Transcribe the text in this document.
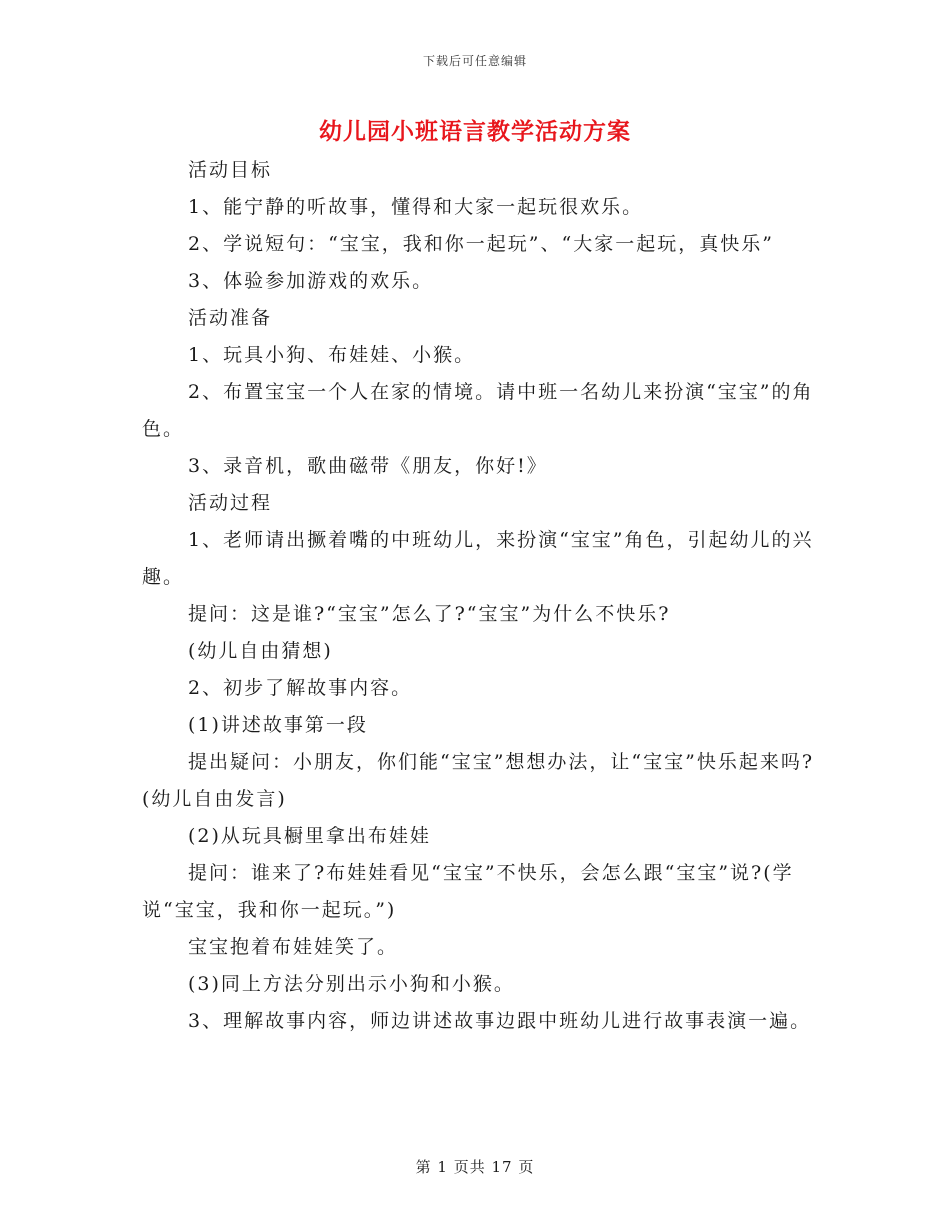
下载后可任意编辑
幼儿园小班语言教学活动方案

活动目标

1、能宁静的听故事，懂得和大家一起玩很欢乐。

2、学说短句：“宝宝，我和你一起玩”、“大家一起玩，真快乐”

3、体验参加游戏的欢乐。

活动准备

1、玩具小狗、布娃娃、小猴。

2、布置宝宝一个人在家的情境。请中班一名幼儿来扮演“宝宝”的角色。

3、录音机，歌曲磁带《朋友，你好!》

活动过程

1、老师请出撅着嘴的中班幼儿，来扮演“宝宝”角色，引起幼儿的兴趣。

提问：这是谁?“宝宝”怎么了?“宝宝”为什么不快乐?

(幼儿自由猜想)

2、初步了解故事内容。

(1)讲述故事第一段

提出疑问：小朋友，你们能“宝宝”想想办法，让“宝宝”快乐起来吗?(幼儿自由发言)

(2)从玩具橱里拿出布娃娃

提问：谁来了?布娃娃看见“宝宝”不快乐，会怎么跟“宝宝”说?(学说“宝宝，我和你一起玩。”)

宝宝抱着布娃娃笑了。

(3)同上方法分别出示小狗和小猴。

3、理解故事内容，师边讲述故事边跟中班幼儿进行故事表演一遍。

第 1 页共 17 页
